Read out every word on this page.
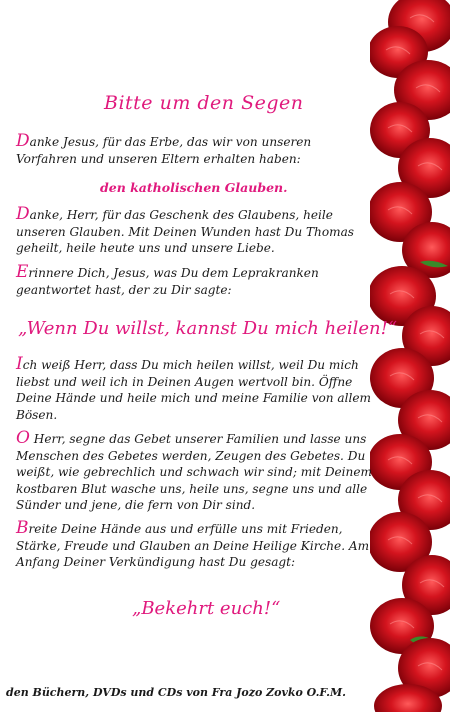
Bitte um den Segen
Danke Jesus, für das Erbe, das wir von unseren Vorfahren und unseren Eltern erhalten haben:
den katholischen Glauben.
Danke, Herr, für das Geschenk des Glaubens, heile unseren Glauben. Mit Deinen Wunden hast Du Thomas geheilt, heile heute uns und unsere Liebe.
Erinnere Dich, Jesus, was Du dem Leprakranken geantwortet hast, der zu Dir sagte:
„Wenn Du willst, kannst Du mich heilen!“
Ich weiß Herr, dass Du mich heilen willst, weil Du mich liebst und weil ich in Deinen Augen wertvoll bin. Öffne Deine Hände und heile mich und meine Familie von allem Bösen.
O Herr, segne das Gebet unserer Familien und lasse uns Menschen des Gebetes werden, Zeugen des Gebetes. Du weißt, wie gebrechlich und schwach wir sind; mit Deinem kostbaren Blut wasche uns, heile uns, segne uns und alle Sünder und jene, die fern von Dir sind.
Breite Deine Hände aus und erfülle uns mit Frieden, Stärke, Freude und Glauben an Deine Heilige Kirche. Am Anfang Deiner Verkündigung hast Du gesagt:
„Bekehrt euch!“
den Büchern, DVDs und CDs von Fra Jozo Zovko O.F.M.
